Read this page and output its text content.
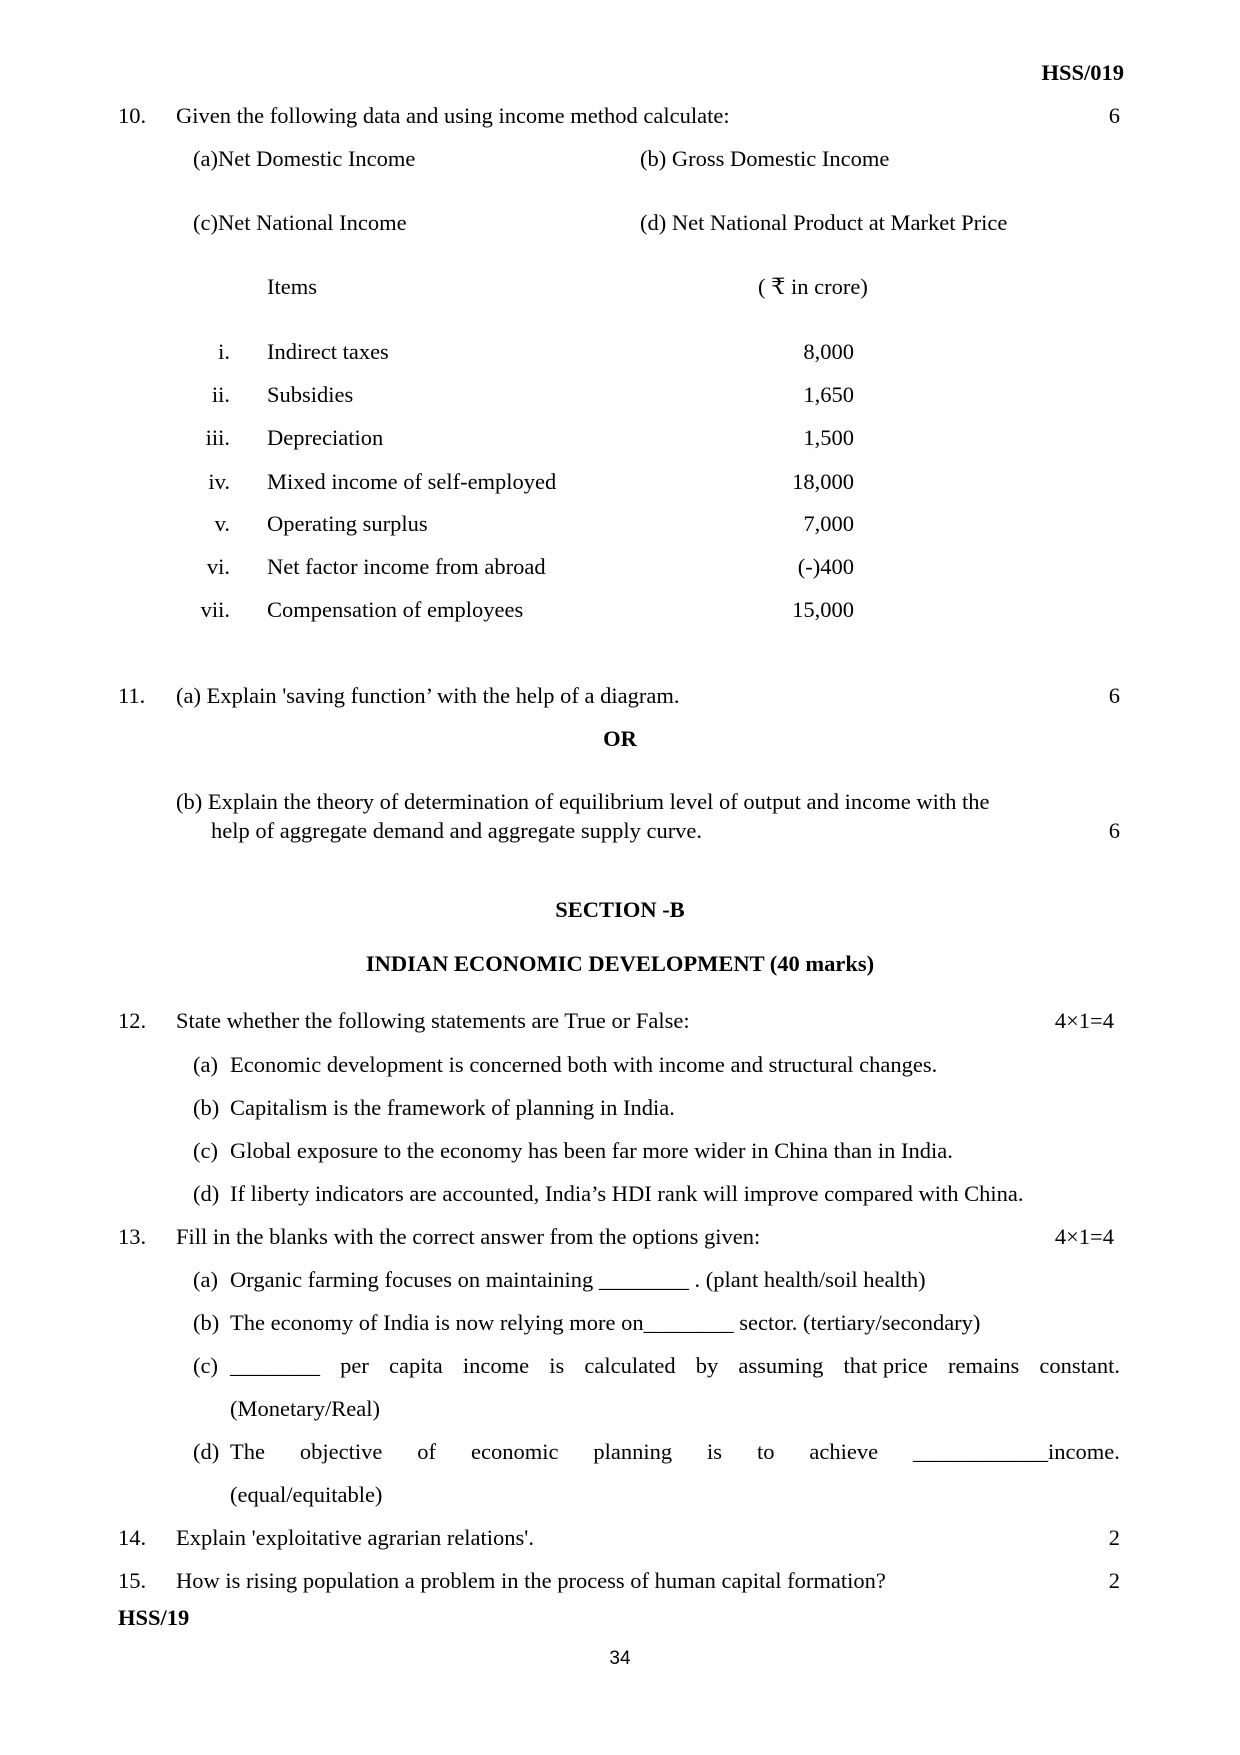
HSS/019
10. Given the following data and using income method calculate:	6
(a)Net Domestic Income	(b) Gross Domestic Income
(c)Net National Income	(d) Net National Product at Market Price
Items	( ₹ in crore)
i. Indirect taxes	8,000
ii. Subsidies	1,650
iii. Depreciation	1,500
iv. Mixed income of self-employed	18,000
v. Operating surplus	7,000
vi. Net factor income from abroad	(-)400
vii. Compensation of employees	15,000
11. (a) Explain 'saving function’ with the help of a diagram.	6
OR
(b) Explain the theory of determination of equilibrium level of output and income with the
help of aggregate demand and aggregate supply curve.	6
SECTION -B
INDIAN ECONOMIC DEVELOPMENT (40 marks)
12. State whether the following statements are True or False:	4×1=4
(a) Economic development is concerned both with income and structural changes.
(b) Capitalism is the framework of planning in India.
(c) Global exposure to the economy has been far more wider in China than in India.
(d) If liberty indicators are accounted, India’s HDI rank will improve compared with China.
13. Fill in the blanks with the correct answer from the options given:	4×1=4
(a) Organic farming focuses on maintaining ________ . (plant health/soil health)
(b) The economy of India is now relying more on________ sector. (tertiary/secondary)
(c) ________ per capita income is calculated by assuming that price remains constant.
(Monetary/Real)
(d) The objective of economic planning is to achieve ____________income.
(equal/equitable)
14. Explain 'exploitative agrarian relations'.	2
15. How is rising population a problem in the process of human capital formation?	2
HSS/19
34
